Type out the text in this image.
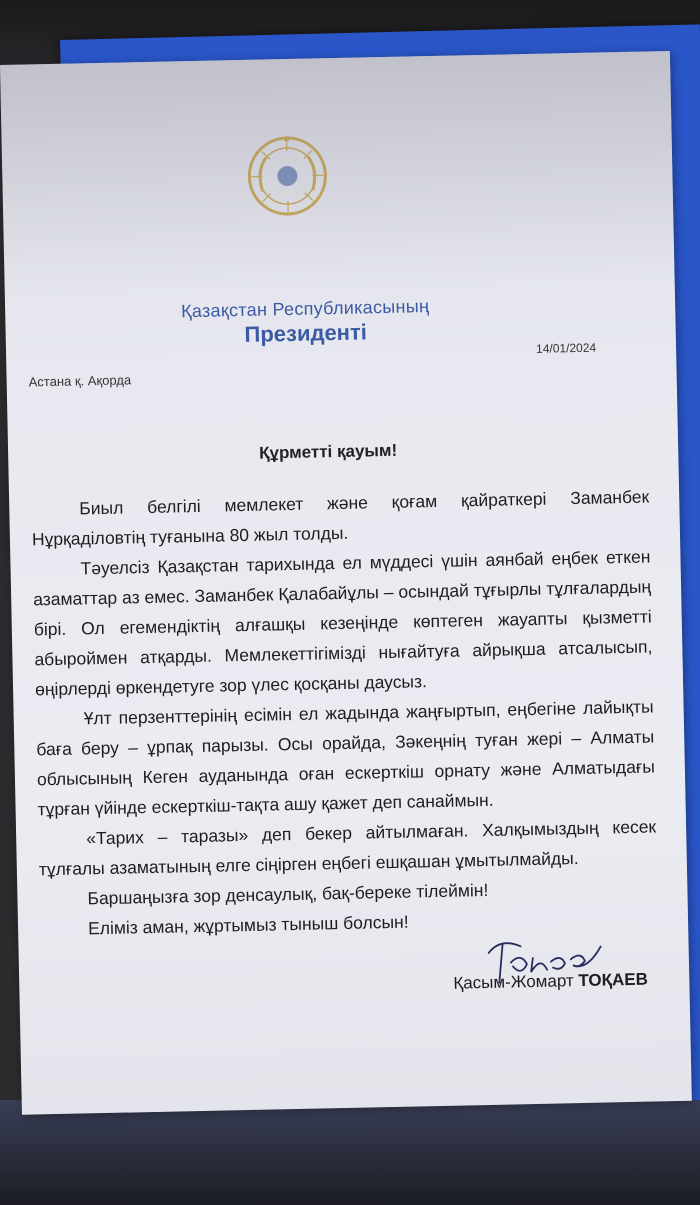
Қазақстан Республикасының
Президенті
14/01/2024
Астана қ. Ақорда
Құрметті қауым!

Биыл белгілі мемлекет және қоғам қайраткері Заманбек Нұрқаділовтің туғанына 80 жыл толды.

Тәуелсіз Қазақстан тарихында ел мүддесі үшін аянбай еңбек еткен азаматтар аз емес. Заманбек Қалабайұлы – осындай тұғырлы тұлғалардың бірі. Ол егемендіктің алғашқы кезеңінде көптеген жауапты қызметті абыроймен атқарды. Мемлекеттігімізді нығайтуға айрықша атсалысып, өңірлерді өркендетуге зор үлес қосқаны даусыз.

Ұлт перзенттерінің есімін ел жадында жаңғыртып, еңбегіне лайықты баға беру – ұрпақ парызы. Осы орайда, Зәкеңнің туған жері – Алматы облысының Кеген ауданында оған ескерткіш орнату және Алматыдағы тұрған үйінде ескерткіш-тақта ашу қажет деп санаймын.

«Тарих – таразы» деп бекер айтылмаған. Халқымыздың кесек тұлғалы азаматының елге сіңірген еңбегі ешқашан ұмытылмайды.

Баршаңызға зор денсаулық, бақ-береке тілеймін!

Еліміз аман, жұртымыз тыныш болсын!

Қасым-Жомарт ТОҚАЕВ
